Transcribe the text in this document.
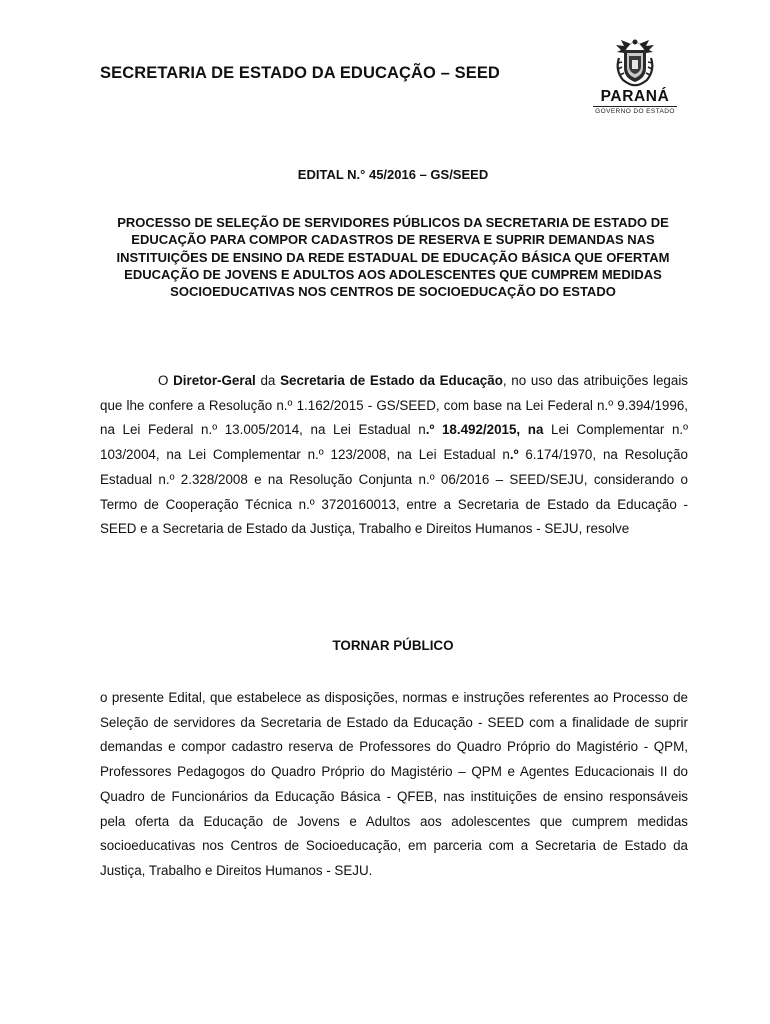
SECRETARIA DE ESTADO DA EDUCAÇÃO – SEED
PARANÁ
GOVERNO DO ESTADO
EDITAL N.° 45/2016 – GS/SEED
PROCESSO DE SELEÇÃO DE SERVIDORES PÚBLICOS DA SECRETARIA DE ESTADO DE EDUCAÇÃO PARA COMPOR CADASTROS DE RESERVA E SUPRIR DEMANDAS NAS INSTITUIÇÕES DE ENSINO DA REDE ESTADUAL DE EDUCAÇÃO BÁSICA QUE OFERTAM EDUCAÇÃO DE JOVENS E ADULTOS AOS ADOLESCENTES QUE CUMPREM MEDIDAS SOCIOEDUCATIVAS NOS CENTROS DE SOCIOEDUCAÇÃO DO ESTADO
O Diretor-Geral da Secretaria de Estado da Educação, no uso das atribuições legais que lhe confere a Resolução n.º 1.162/2015 - GS/SEED, com base na Lei Federal n.º 9.394/1996, na Lei Federal n.º 13.005/2014, na Lei Estadual n.º 18.492/2015, na Lei Complementar n.º 103/2004, na Lei Complementar n.º 123/2008, na Lei Estadual n.º 6.174/1970, na Resolução Estadual n.º 2.328/2008 e na Resolução Conjunta n.º 06/2016 – SEED/SEJU, considerando o Termo de Cooperação Técnica n.º 3720160013, entre a Secretaria de Estado da Educação - SEED e a Secretaria de Estado da Justiça, Trabalho e Direitos Humanos - SEJU, resolve
TORNAR PÚBLICO
o presente Edital, que estabelece as disposições, normas e instruções referentes ao Processo de Seleção de servidores da Secretaria de Estado da Educação - SEED com a finalidade de suprir demandas e compor cadastro reserva de Professores do Quadro Próprio do Magistério - QPM, Professores Pedagogos do Quadro Próprio do Magistério – QPM e Agentes Educacionais II do Quadro de Funcionários da Educação Básica - QFEB, nas instituições de ensino responsáveis pela oferta da Educação de Jovens e Adultos aos adolescentes que cumprem medidas socioeducativas nos Centros de Socioeducação, em parceria com a Secretaria de Estado da Justiça, Trabalho e Direitos Humanos - SEJU.
